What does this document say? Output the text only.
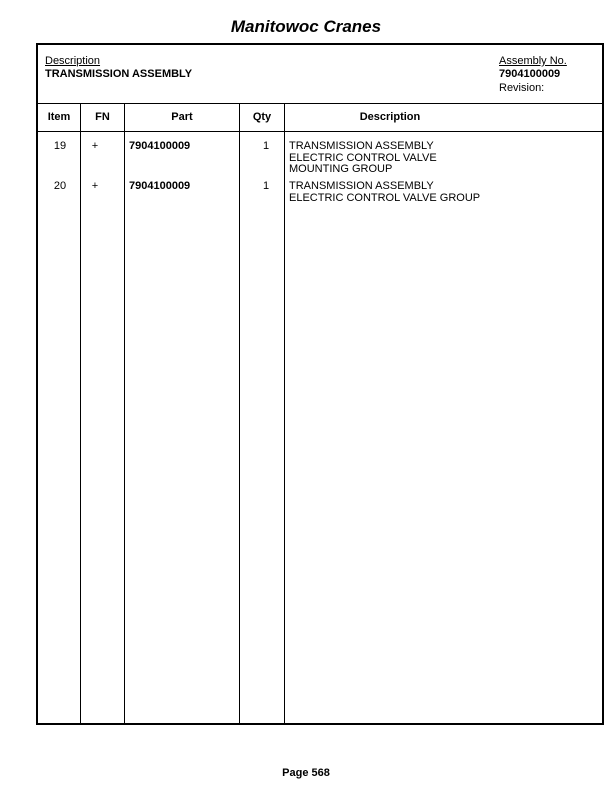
Manitowoc Cranes
Description
TRANSMISSION ASSEMBLY
Assembly No.
7904100009
Revision:
Item	FN	Part	Qty	Description
19	+	7904100009	1 TRANSMISSION ASSEMBLY
ELECTRIC CONTROL VALVE
MOUNTING GROUP
20	+	7904100009	1 TRANSMISSION ASSEMBLY
ELECTRIC CONTROL VALVE GROUP
Page 568
